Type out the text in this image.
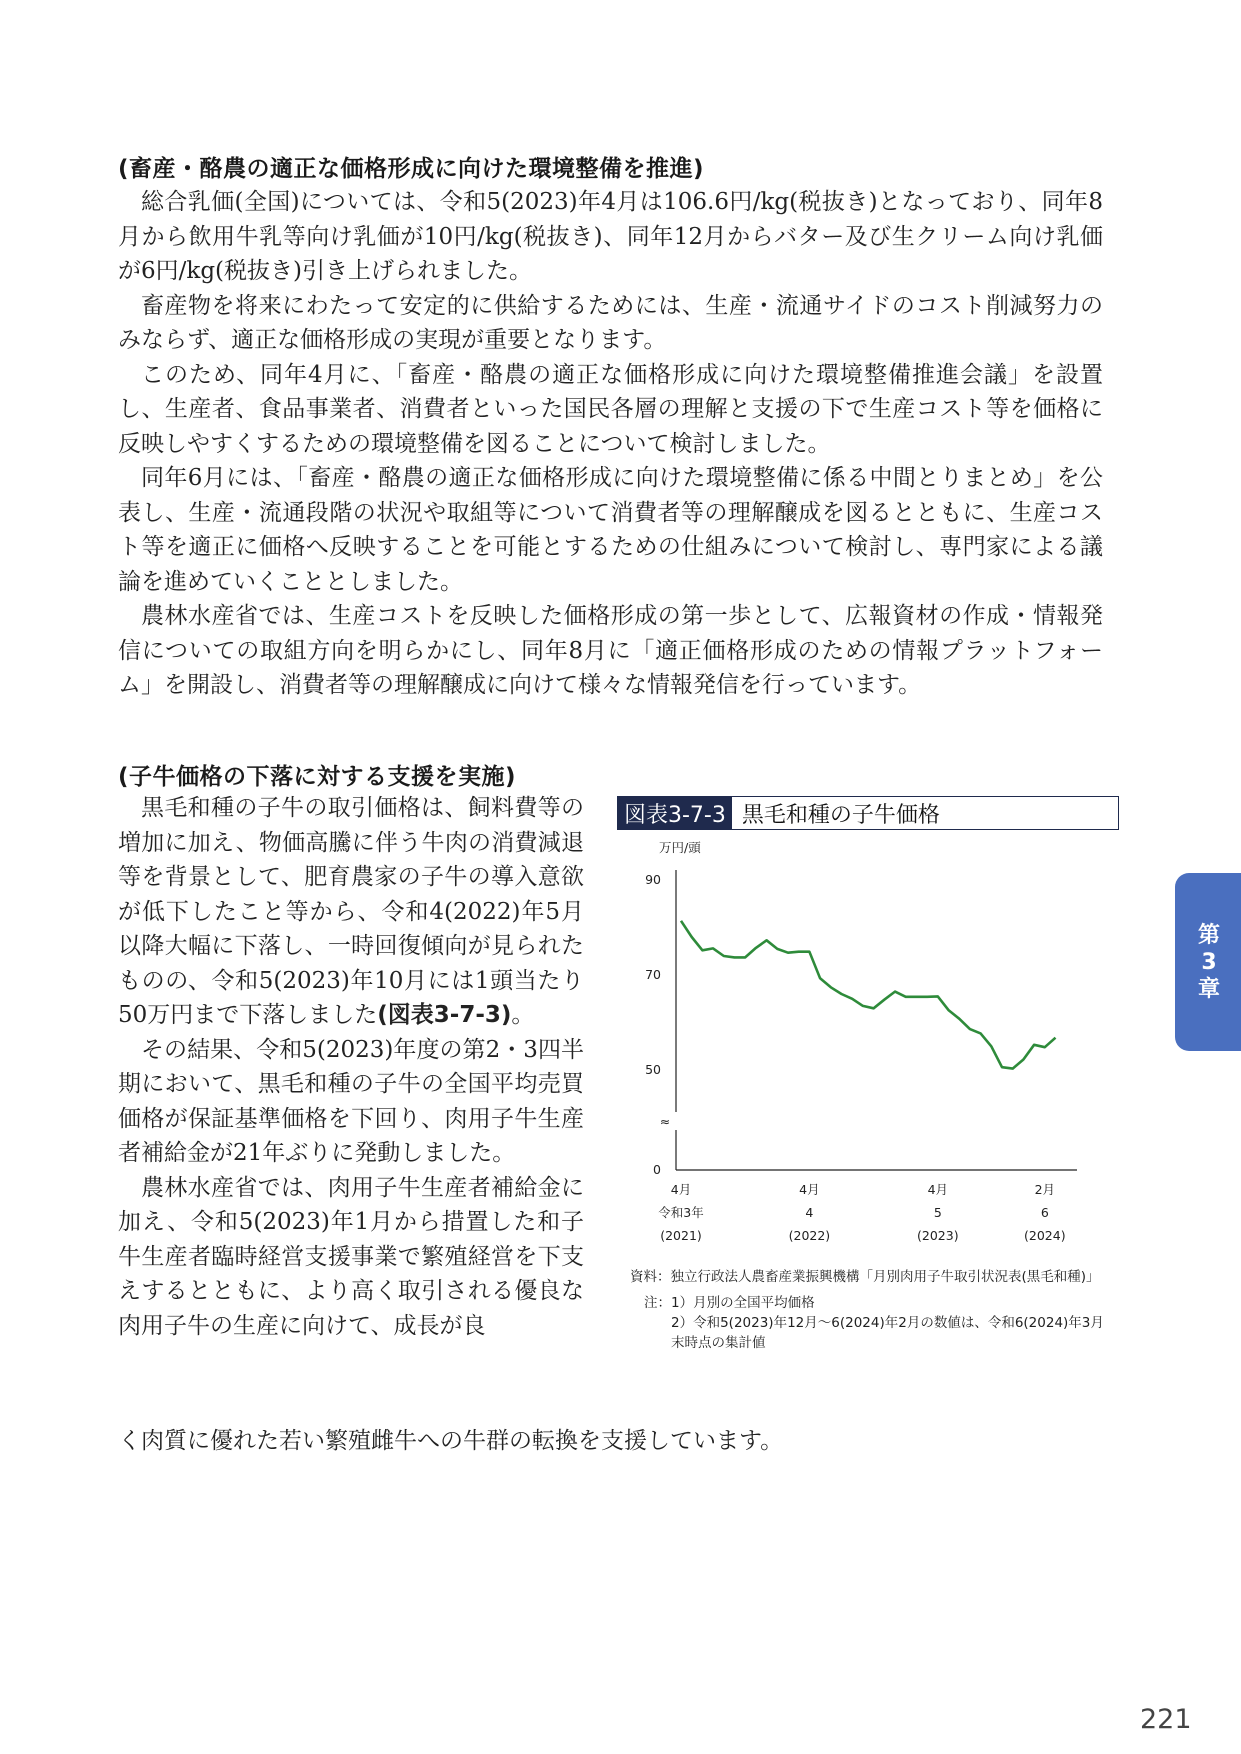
(畜産・酪農の適正な価格形成に向けた環境整備を推進)
総合乳価(全国)については、令和5(2023)年4月は106.6円/kg(税抜き)となっており、同年8月から飲用牛乳等向け乳価が10円/kg(税抜き)、同年12月からバター及び生クリーム向け乳価が6円/kg(税抜き)引き上げられました。
畜産物を将来にわたって安定的に供給するためには、生産・流通サイドのコスト削減努力のみならず、適正な価格形成の実現が重要となります。
このため、同年4月に、「畜産・酪農の適正な価格形成に向けた環境整備推進会議」を設置し、生産者、食品事業者、消費者といった国民各層の理解と支援の下で生産コスト等を価格に反映しやすくするための環境整備を図ることについて検討しました。
同年6月には、「畜産・酪農の適正な価格形成に向けた環境整備に係る中間とりまとめ」を公表し、生産・流通段階の状況や取組等について消費者等の理解醸成を図るとともに、生産コスト等を適正に価格へ反映することを可能とするための仕組みについて検討し、専門家による議論を進めていくこととしました。
農林水産省では、生産コストを反映した価格形成の第一歩として、広報資材の作成・情報発信についての取組方向を明らかにし、同年8月に「適正価格形成のための情報プラットフォーム」を開設し、消費者等の理解醸成に向けて様々な情報発信を行っています。
(子牛価格の下落に対する支援を実施)
黒毛和種の子牛の取引価格は、飼料費等の増加に加え、物価高騰に伴う牛肉の消費減退等を背景として、肥育農家の子牛の導入意欲が低下したこと等から、令和4(2022)年5月以降大幅に下落し、一時回復傾向が見られたものの、令和5(2023)年10月には1頭当たり50万円まで下落しました(図表3-7-3)。
その結果、令和5(2023)年度の第2・3四半期において、黒毛和種の子牛の全国平均売買価格が保証基準価格を下回り、肉用子牛生産者補給金が21年ぶりに発動しました。
農林水産省では、肉用子牛生産者補給金に加え、令和5(2023)年1月から措置した和子牛生産者臨時経営支援事業で繁殖経営を下支えするとともに、より高く取引される優良な肉用子牛の生産に向けて、成長が良
く肉質に優れた若い繁殖雌牛への牛群の転換を支援しています。
図表3-7-3 黒毛和種の子牛価格
万円/頭
≈
90
70
50
0
4月
令和3年
(2021)
4月
4
(2022)
4月
5
(2023)
2月
6
(2024)
資料： 独立行政法人農畜産業振興機構「月別肉用子牛取引状況表(黒毛和種)」
注： 1）月別の全国平均価格
2）令和5(2023)年12月～6(2024)年2月の数値は、令和6(2024)年3月末時点の集計値
第
3
章
221
